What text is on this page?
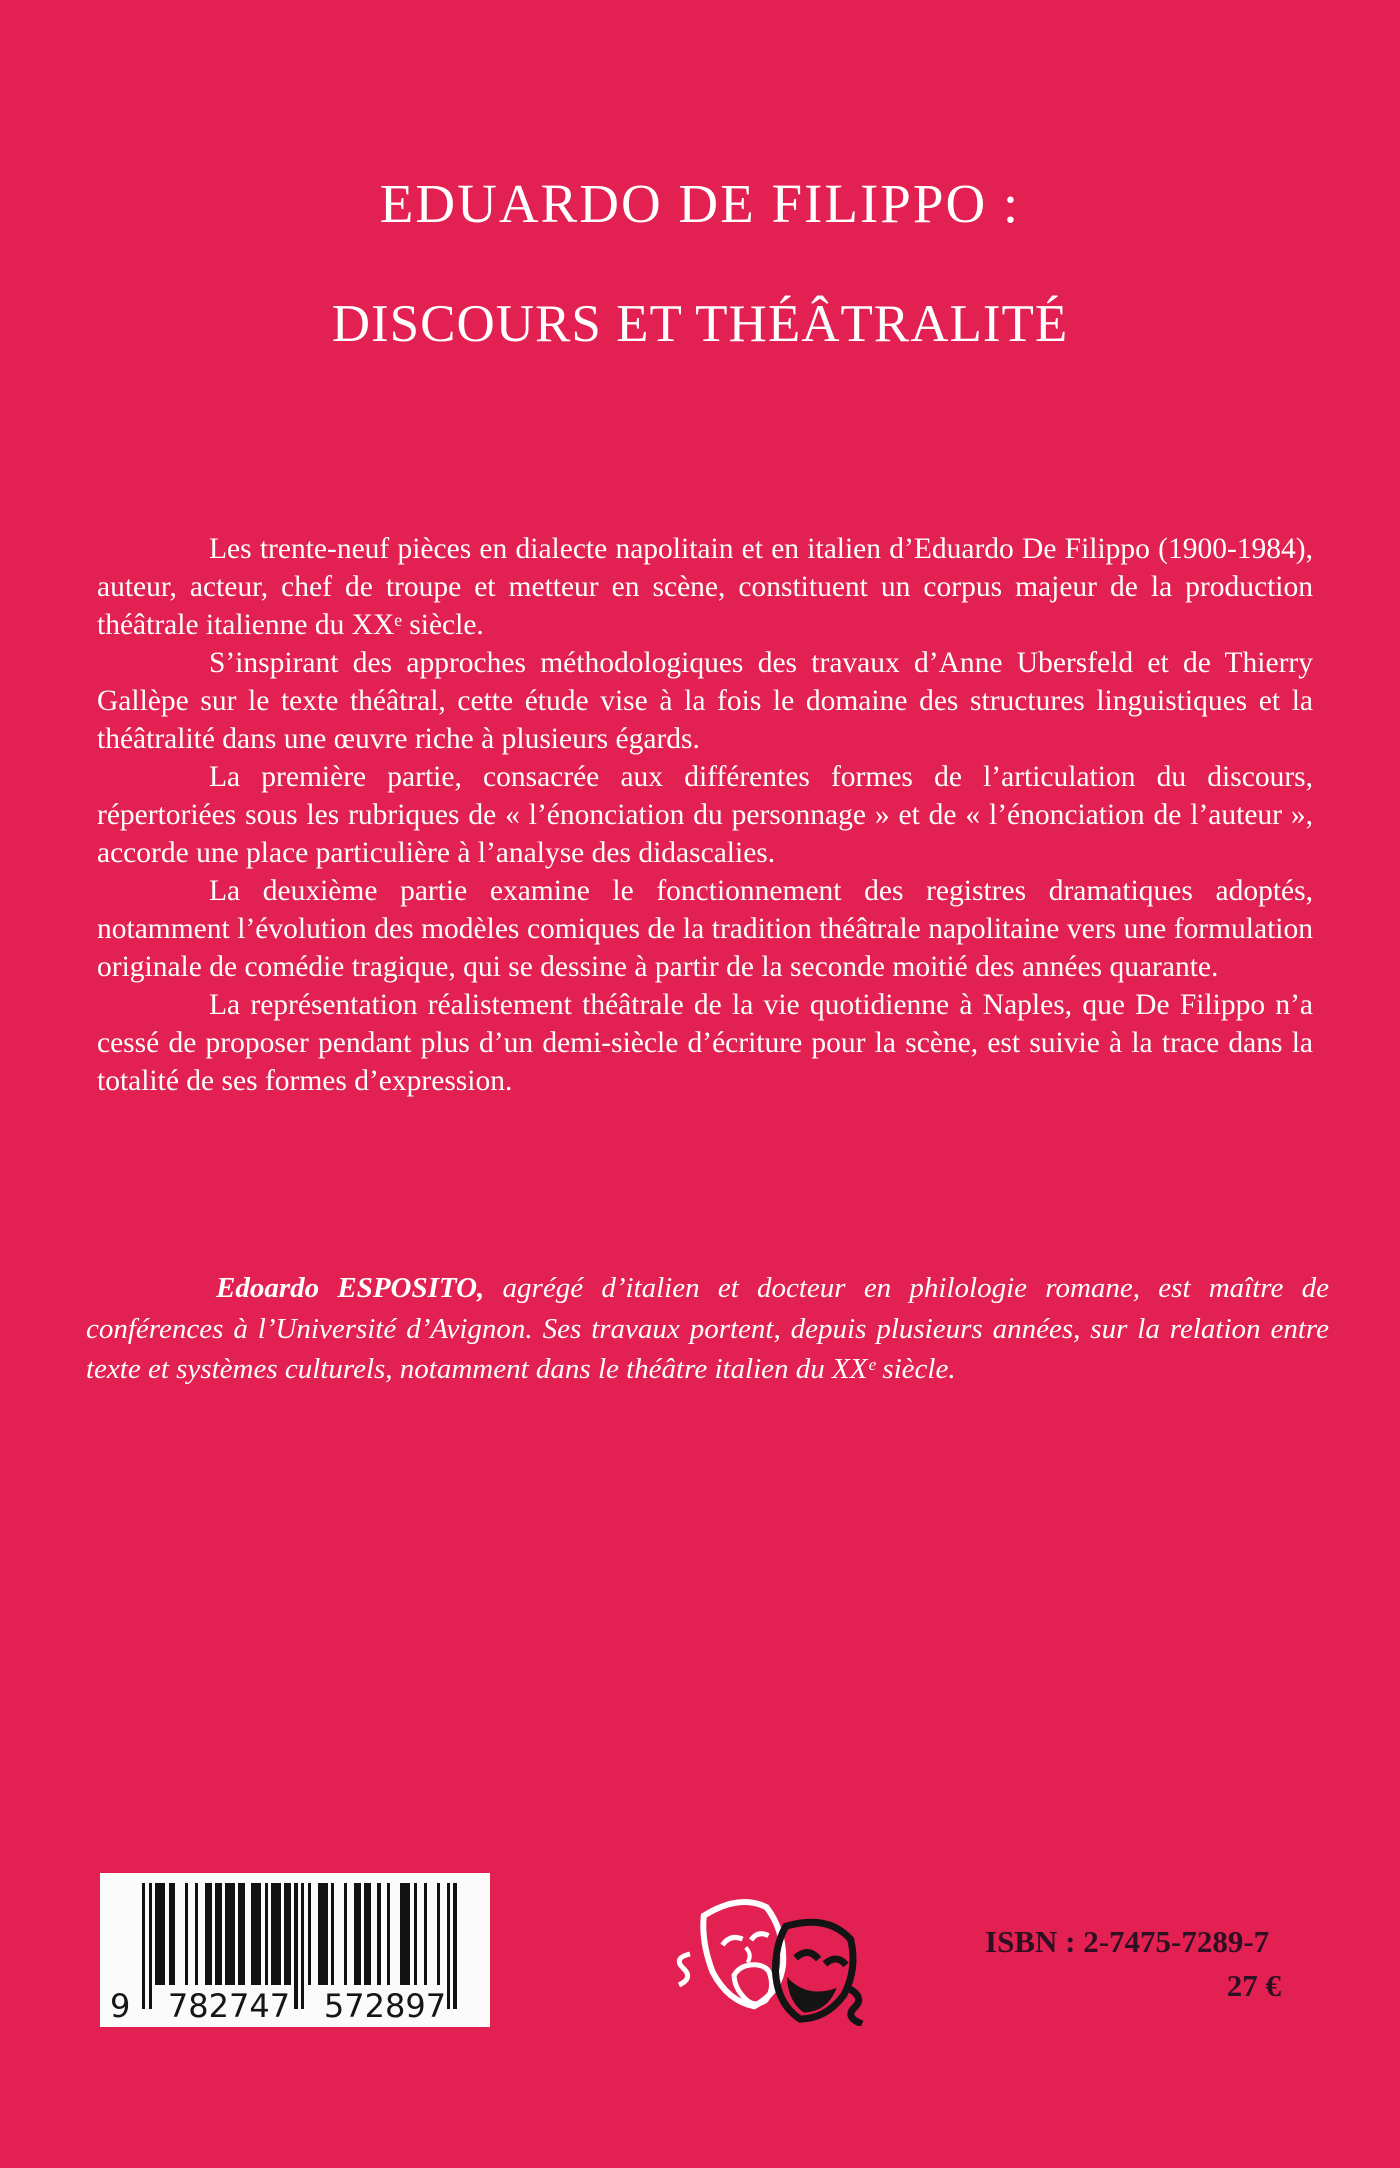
EDUARDO DE FILIPPO :
DISCOURS ET THÉÂTRALITÉ

Les trente-neuf pièces en dialecte napolitain et en italien d’Eduardo De Filippo (1900-1984), auteur, acteur, chef de troupe et metteur en scène, constituent un corpus majeur de la production théâtrale italienne du XXᵉ siècle.

S’inspirant des approches méthodologiques des travaux d’Anne Ubersfeld et de Thierry Gallèpe sur le texte théâtral, cette étude vise à la fois le domaine des structures linguistiques et la théâtralité dans une œuvre riche à plusieurs égards.

La première partie, consacrée aux différentes formes de l’articulation du discours, répertoriées sous les rubriques de « l’énonciation du personnage » et de « l’énonciation de l’auteur », accorde une place particulière à l’analyse des didascalies.

La deuxième partie examine le fonctionnement des registres dramatiques adoptés, notamment l’évolution des modèles comiques de la tradition théâtrale napolitaine vers une formulation originale de comédie tragique, qui se dessine à partir de la seconde moitié des années quarante.

La représentation réalistement théâtrale de la vie quotidienne à Naples, que De Filippo n’a cessé de proposer pendant plus d’un demi-siècle d’écriture pour la scène, est suivie à la trace dans la totalité de ses formes d’expression.

Edoardo ESPOSITO, agrégé d’italien et docteur en philologie romane, est maître de conférences à l’Université d’Avignon. Ses travaux portent, depuis plusieurs années, sur la relation entre texte et systèmes culturels, notamment dans le théâtre italien du XXᵉ siècle.
9	782747	572897

ISBN : 2-7475-7289-7

27 €
